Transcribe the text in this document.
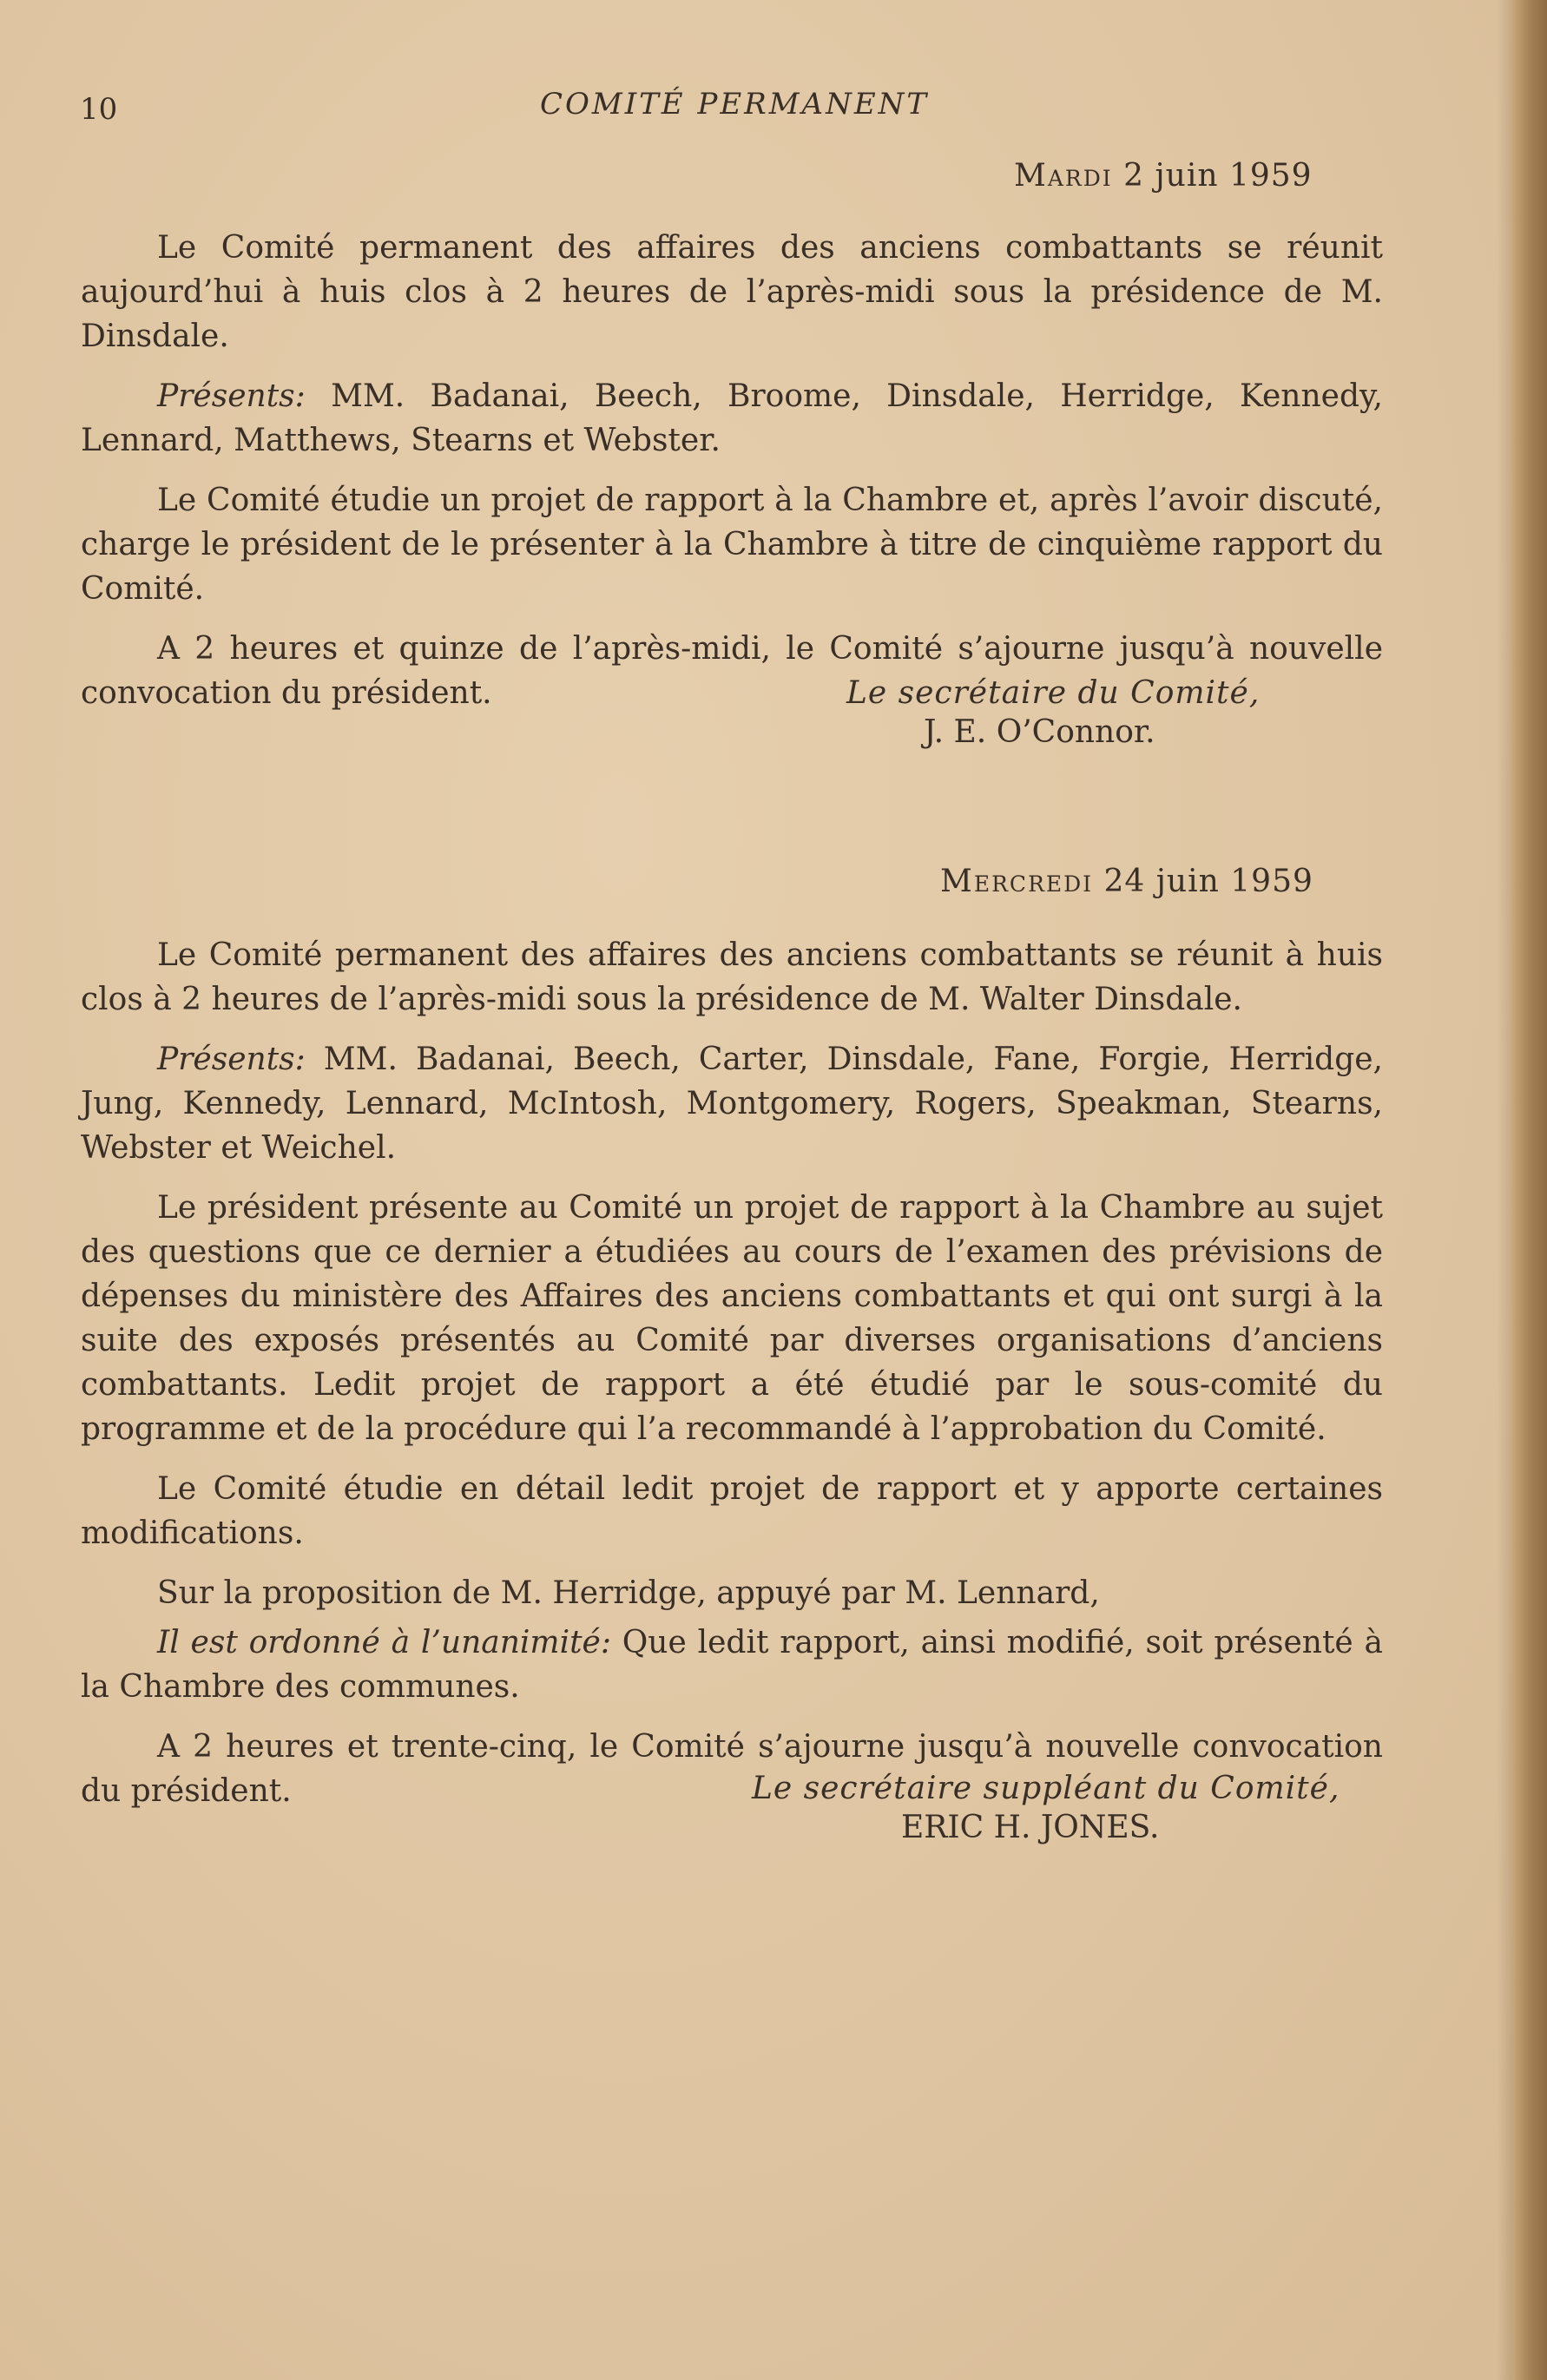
10	COMITÉ PERMANENT
Mardi 2 juin 1959

Le Comité permanent des affaires des anciens combattants se réunit aujourd’hui à huis clos à 2 heures de l’après-midi sous la présidence de M. Dinsdale.

Présents: MM. Badanai, Beech, Broome, Dinsdale, Herridge, Kennedy, Lennard, Matthews, Stearns et Webster.

Le Comité étudie un projet de rapport à la Chambre et, après l’avoir discuté, charge le président de le présenter à la Chambre à titre de cinquième rapport du Comité.

A 2 heures et quinze de l’après-midi, le Comité s’ajourne jusqu’à nouvelle convocation du président.	Le secrétaire du Comité,
J. E. O’Connor.
Mercredi 24 juin 1959

Le Comité permanent des affaires des anciens combattants se réunit à huis clos à 2 heures de l’après-midi sous la présidence de M. Walter Dinsdale.

Présents: MM. Badanai, Beech, Carter, Dinsdale, Fane, Forgie, Herridge, Jung, Kennedy, Lennard, McIntosh, Montgomery, Rogers, Speakman, Stearns, Webster et Weichel.

Le président présente au Comité un projet de rapport à la Chambre au sujet des questions que ce dernier a étudiées au cours de l’examen des prévisions de dépenses du ministère des Affaires des anciens combattants et qui ont surgi à la suite des exposés présentés au Comité par diverses organisations d’anciens combattants. Ledit projet de rapport a été étudié par le sous-comité du programme et de la procédure qui l’a recommandé à l’approbation du Comité.

Le Comité étudie en détail ledit projet de rapport et y apporte certaines modifications.

Sur la proposition de M. Herridge, appuyé par M. Lennard,

Il est ordonné à l’unanimité: Que ledit rapport, ainsi modifié, soit présenté à la Chambre des communes.

A 2 heures et trente-cinq, le Comité s’ajourne jusqu’à nouvelle convocation du président.	Le secrétaire suppléant du Comité,
ERIC H. JONES.
